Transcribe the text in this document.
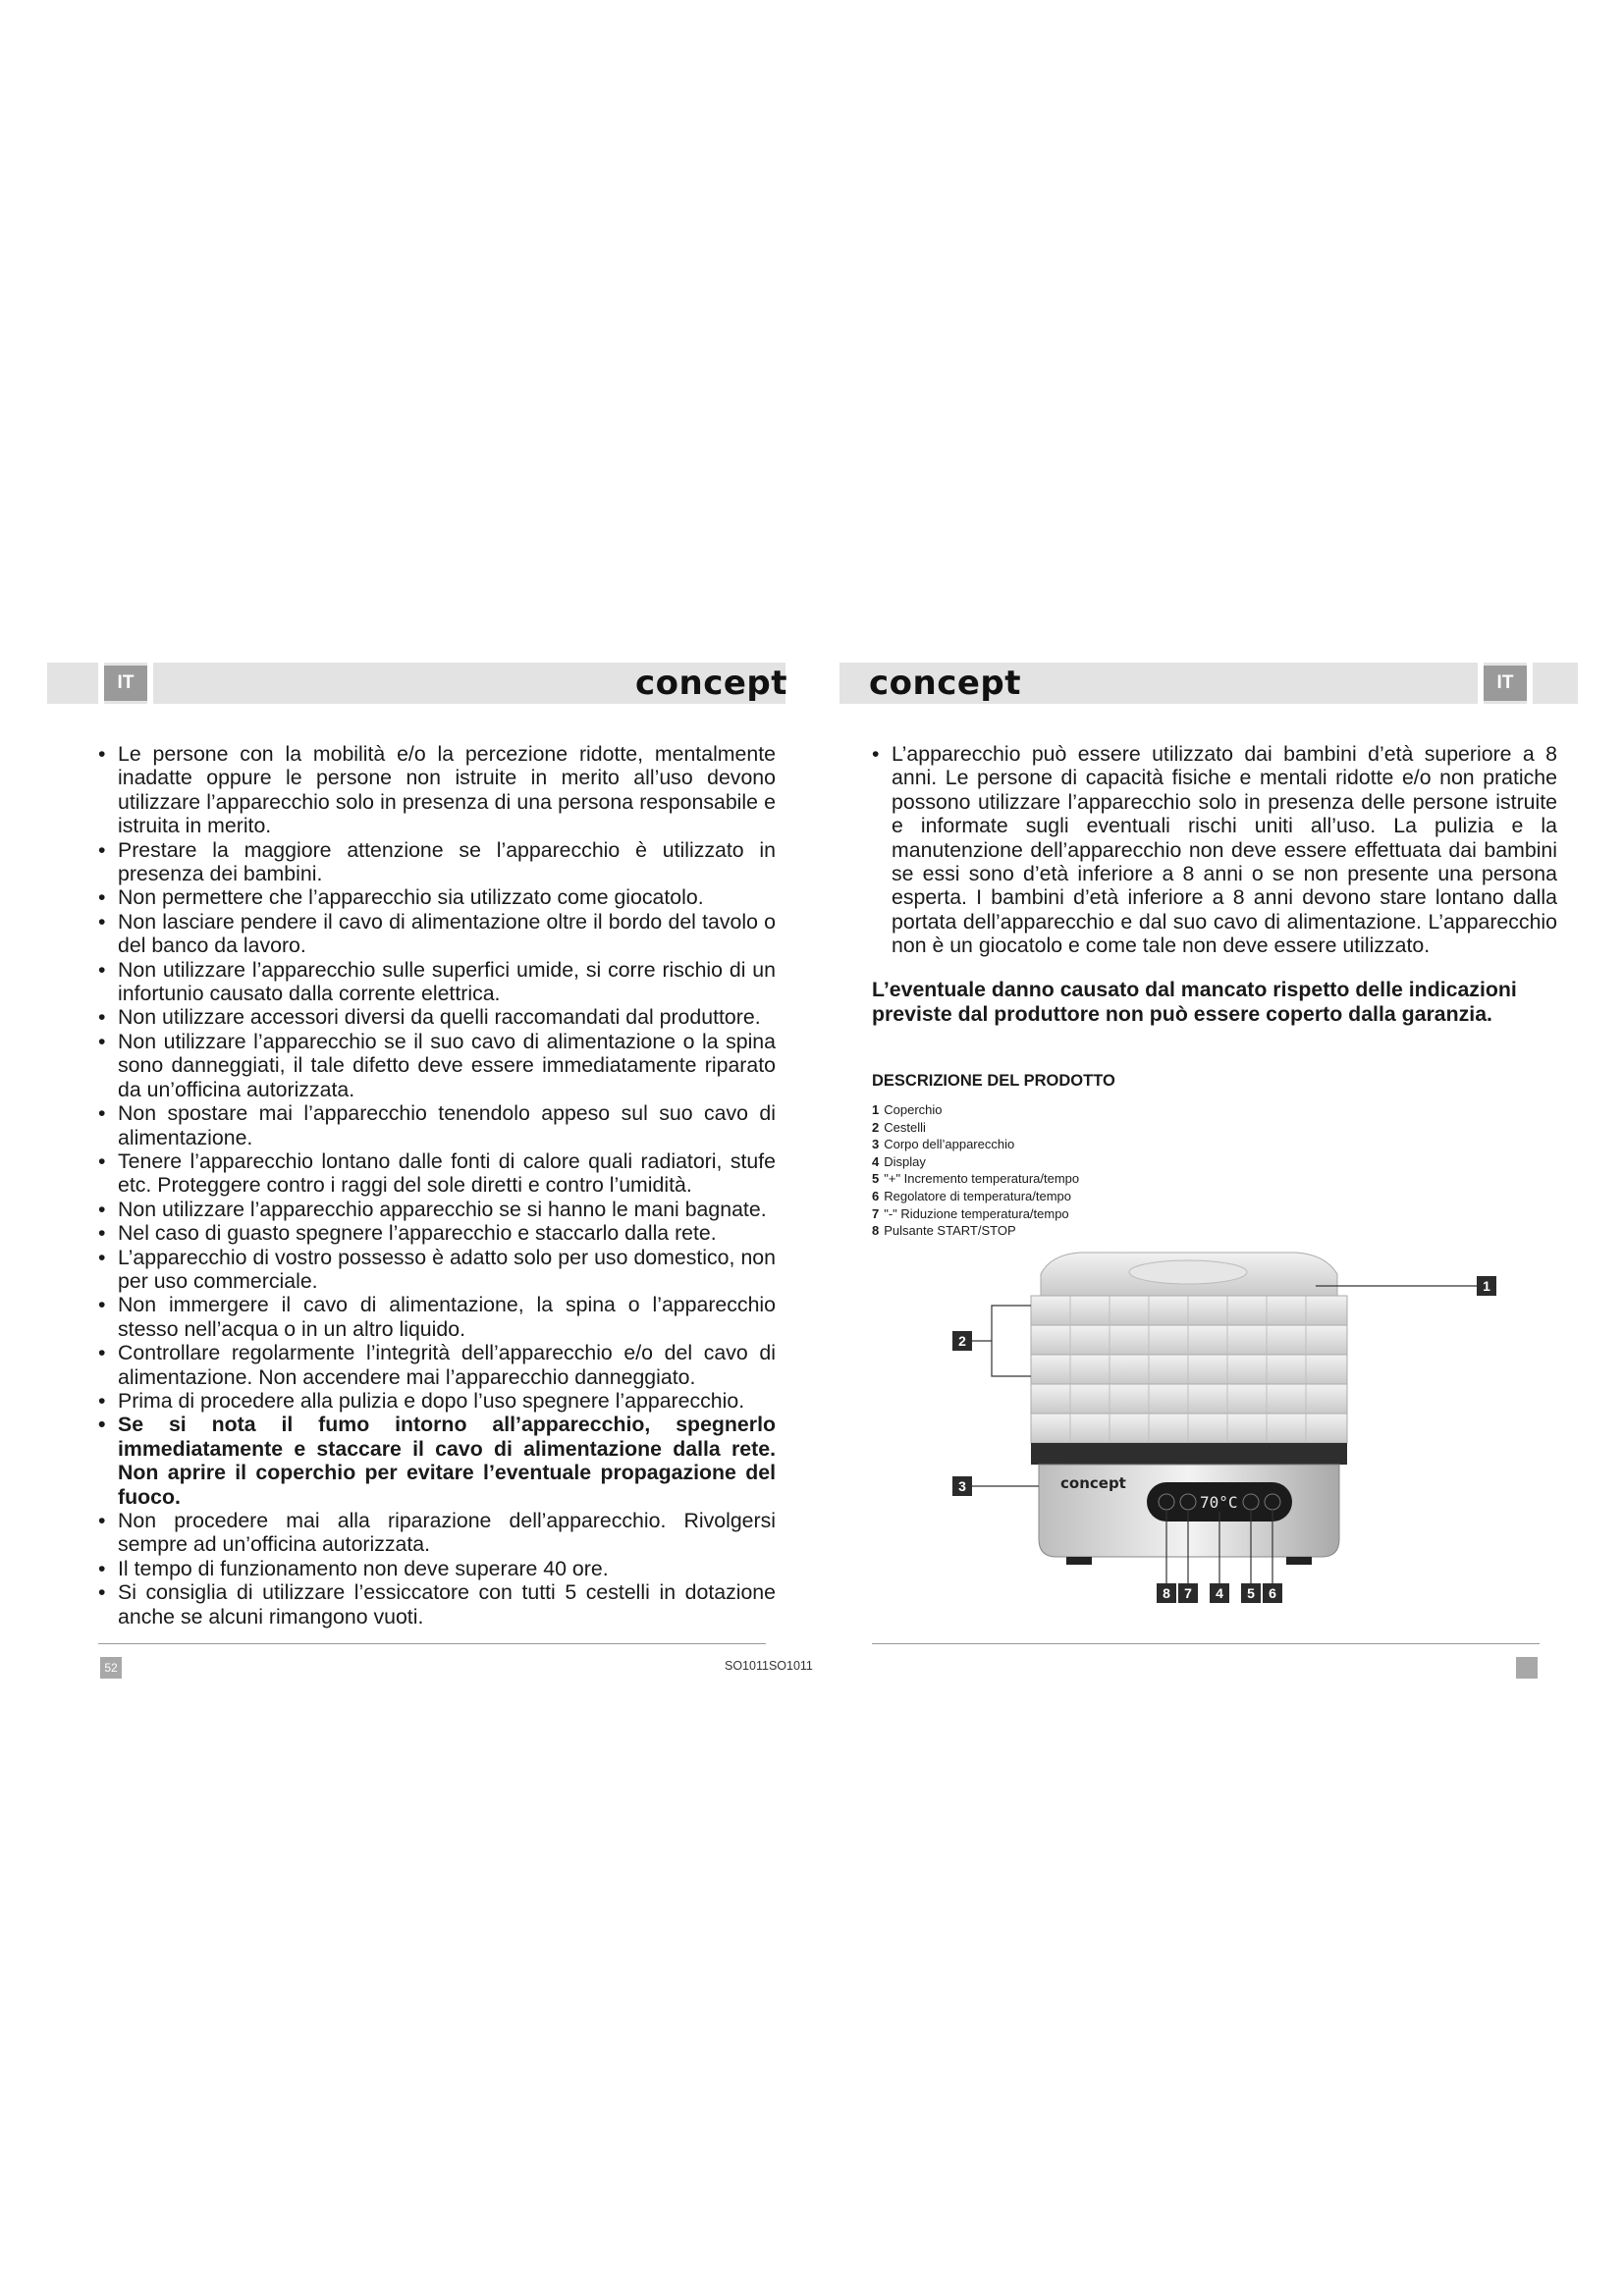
IT	IT
concept concept
• Le persone con la mobilità e/o la percezione ridotte, mentalmente inadatte oppure le persone non istruite in merito all’uso devono utilizzare l’apparecchio solo in presenza di una persona responsabile e istruita in merito.
• Prestare la maggiore attenzione se l’apparecchio è utilizzato in presenza dei bambini.
• Non permettere che l’apparecchio sia utilizzato come giocatolo.
• Non lasciare pendere il cavo di alimentazione oltre il bordo del tavolo o del banco da lavoro.
• Non utilizzare l’apparecchio sulle superfici umide, si corre rischio di un infortunio causato dalla corrente elettrica.
• Non utilizzare accessori diversi da quelli raccomandati dal produttore.
• Non utilizzare l’apparecchio se il suo cavo di alimentazione o la spina sono danneggiati, il tale difetto deve essere immediatamente riparato da un’officina autorizzata.
• Non spostare mai l’apparecchio tenendolo appeso sul suo cavo di alimentazione.
• Tenere l’apparecchio lontano dalle fonti di calore quali radiatori, stufe etc. Proteggere contro i raggi del sole diretti e contro l’umidità.
• Non utilizzare l’apparecchio apparecchio se si hanno le mani bagnate.
• Nel caso di guasto spegnere l’apparecchio e staccarlo dalla rete.
• L’apparecchio di vostro possesso è adatto solo per uso domestico, non per uso commerciale.
• Non immergere il cavo di alimentazione, la spina o l’apparecchio stesso nell’acqua o in un altro liquido.
• Controllare regolarmente l’integrità dell’apparecchio e/o del cavo di alimentazione. Non accendere mai l’apparecchio danneggiato.
• Prima di procedere alla pulizia e dopo l’uso spegnere l’apparecchio.
• Se si nota il fumo intorno all’apparecchio, spegnerlo immediatamente e staccare il cavo di alimentazione dalla rete. Non aprire il coperchio per evitare l’eventuale propagazione del fuoco.
• Non procedere mai alla riparazione dell’apparecchio. Rivolgersi sempre ad un’officina autorizzata.
• Il tempo di funzionamento non deve superare 40 ore.
• Si consiglia di utilizzare l’essiccatore con tutti 5 cestelli in dotazione anche se alcuni rimangono vuoti.
• L’apparecchio può essere utilizzato dai bambini d’età superiore a 8 anni. Le persone di capacità fisiche e mentali ridotte e/o non pratiche possono utilizzare l’apparecchio solo in presenza delle persone istruite e informate sugli eventuali rischi uniti all’uso. La pulizia e la manutenzione dell’apparecchio non deve essere effettuata dai bambini se essi sono d’età inferiore a 8 anni o se non presente una persona esperta. I bambini d’età inferiore a 8 anni devono stare lontano dalla portata dell’apparecchio e dal suo cavo di alimentazione. L’apparecchio non è un giocatolo e come tale non deve essere utilizzato.
L’eventuale danno causato dal mancato rispetto delle indicazioni previste dal produttore non può essere coperto dalla garanzia.
DESCRIZIONE DEL PRODOTTO
1 Coperchio
2 Cestelli
3 Corpo dell’apparecchio
4 Display
5 "+" Incremento temperatura/tempo
6 Regolatore di temperatura/tempo
7 "-" Riduzione temperatura/tempo
8 Pulsante START/STOP
concept
70°C
1
2
3
8	7	4	5	6
52	SO1011SO1011
